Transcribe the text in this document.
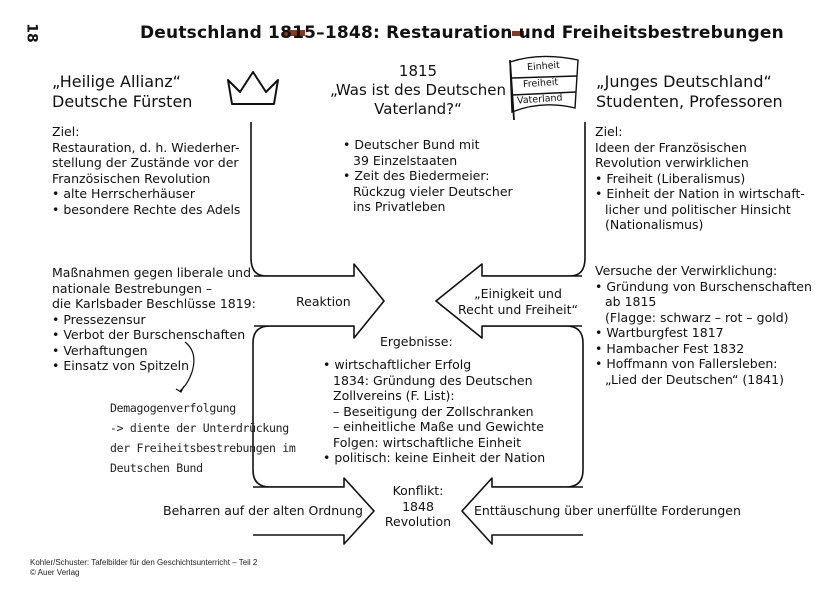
18	Deutschland 1815–1848: Restauration und Freiheitsbestrebungen
Einheit
Freiheit
Vaterland
„Heilige Allianz“
Deutsche Fürsten
1815
„Was ist des Deutschen
Vaterland?“
„Junges Deutschland“
Studenten, Professoren
Ziel:
Restauration, d. h. Wiederher-
stellung der Zustände vor der
Französischen Revolution
• alte Herrscherhäuser
• besondere Rechte des Adels
• Deutscher Bund mit
39 Einzelstaaten
• Zeit des Biedermeier:
Rückzug vieler Deutscher
ins Privatleben
Ziel:
Ideen der Französischen
Revolution verwirklichen
• Freiheit (Liberalismus)
• Einheit der Nation in wirtschaft-
licher und politischer Hinsicht
(Nationalismus)
Maßnahmen gegen liberale und
nationale Bestrebungen –
die Karlsbader Beschlüsse 1819:
• Pressezensur
• Verbot der Burschenschaften
• Verhaftungen
• Einsatz von Spitzeln
Versuche der Verwirklichung:
• Gründung von Burschenschaften
ab 1815
(Flagge: schwarz – rot – gold)
• Wartburgfest 1817
• Hambacher Fest 1832
• Hoffmann von Fallersleben:
„Lied der Deutschen“ (1841)
Reaktion
„Einigkeit und
Recht und Freiheit“
Ergebnisse:
• wirtschaftlicher Erfolg
1834: Gründung des Deutschen
Zollvereins (F. List):
– Beseitigung der Zollschranken
– einheitliche Maße und Gewichte
Folgen: wirtschaftliche Einheit
• politisch: keine Einheit der Nation
Demagogenverfolgung
-> diente der Unterdrückung
der Freiheitsbestrebungen im
Deutschen Bund
Beharren auf der alten Ordnung
Konflikt:
1848
Revolution
Enttäuschung über unerfüllte Forderungen
Kohler/Schuster: Tafelbilder für den Geschichtsunterricht – Teil 2
© Auer Verlag
